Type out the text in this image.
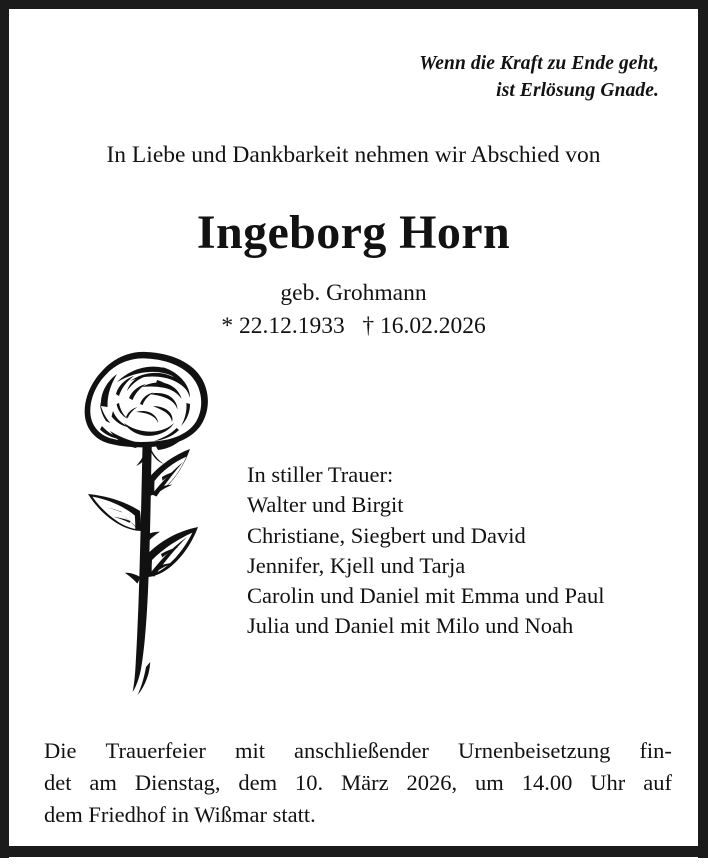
Wenn die Kraft zu Ende geht,
ist Erlösung Gnade.
In Liebe und Dankbarkeit nehmen wir Abschied von
Ingeborg Horn
geb. Grohmann
* 22.12.1933   † 16.02.2026
In stiller Trauer:
Walter und Birgit
Christiane, Siegbert und David
Jennifer, Kjell und Tarja
Carolin und Daniel mit Emma und Paul
Julia und Daniel mit Milo und Noah
Die Trauerfeier mit anschließender Urnenbeisetzung fin-
det am Dienstag, dem 10. März 2026, um 14.00 Uhr auf
dem Friedhof in Wißmar statt.
